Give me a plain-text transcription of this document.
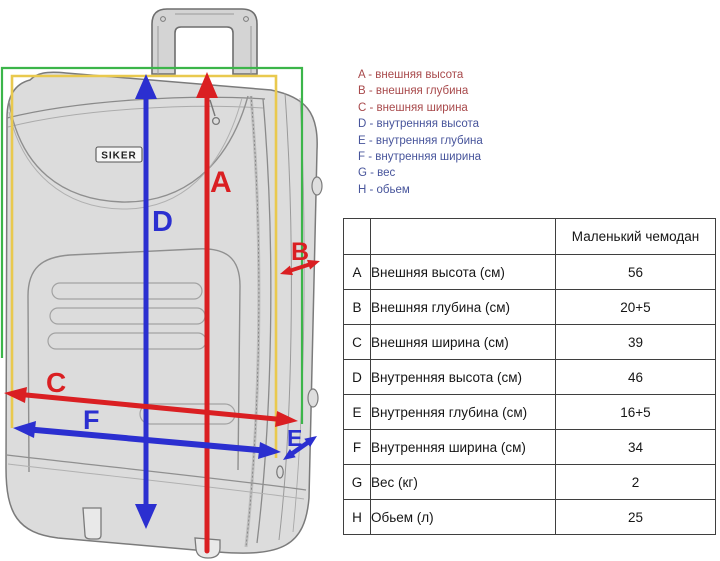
SIKER
A
D
C
F
B
E
A - внешняя высота
B - внешняя глубина
C - внешняя ширина
D - внутренняя высота
E - внутренняя глубина
F - внутренняя ширина
G - вес
H - обьем
		Маленький чемодан
A	Внешняя высота (см)	56
B	Внешняя глубина (см)	20+5
C	Внешняя ширина (см)	39
D	Внутренняя высота (см)	46
E	Внутренняя глубина (см)	16+5
F	Внутренняя ширина (см)	34
G	Вес (кг)	2
H	Обьем (л)	25
